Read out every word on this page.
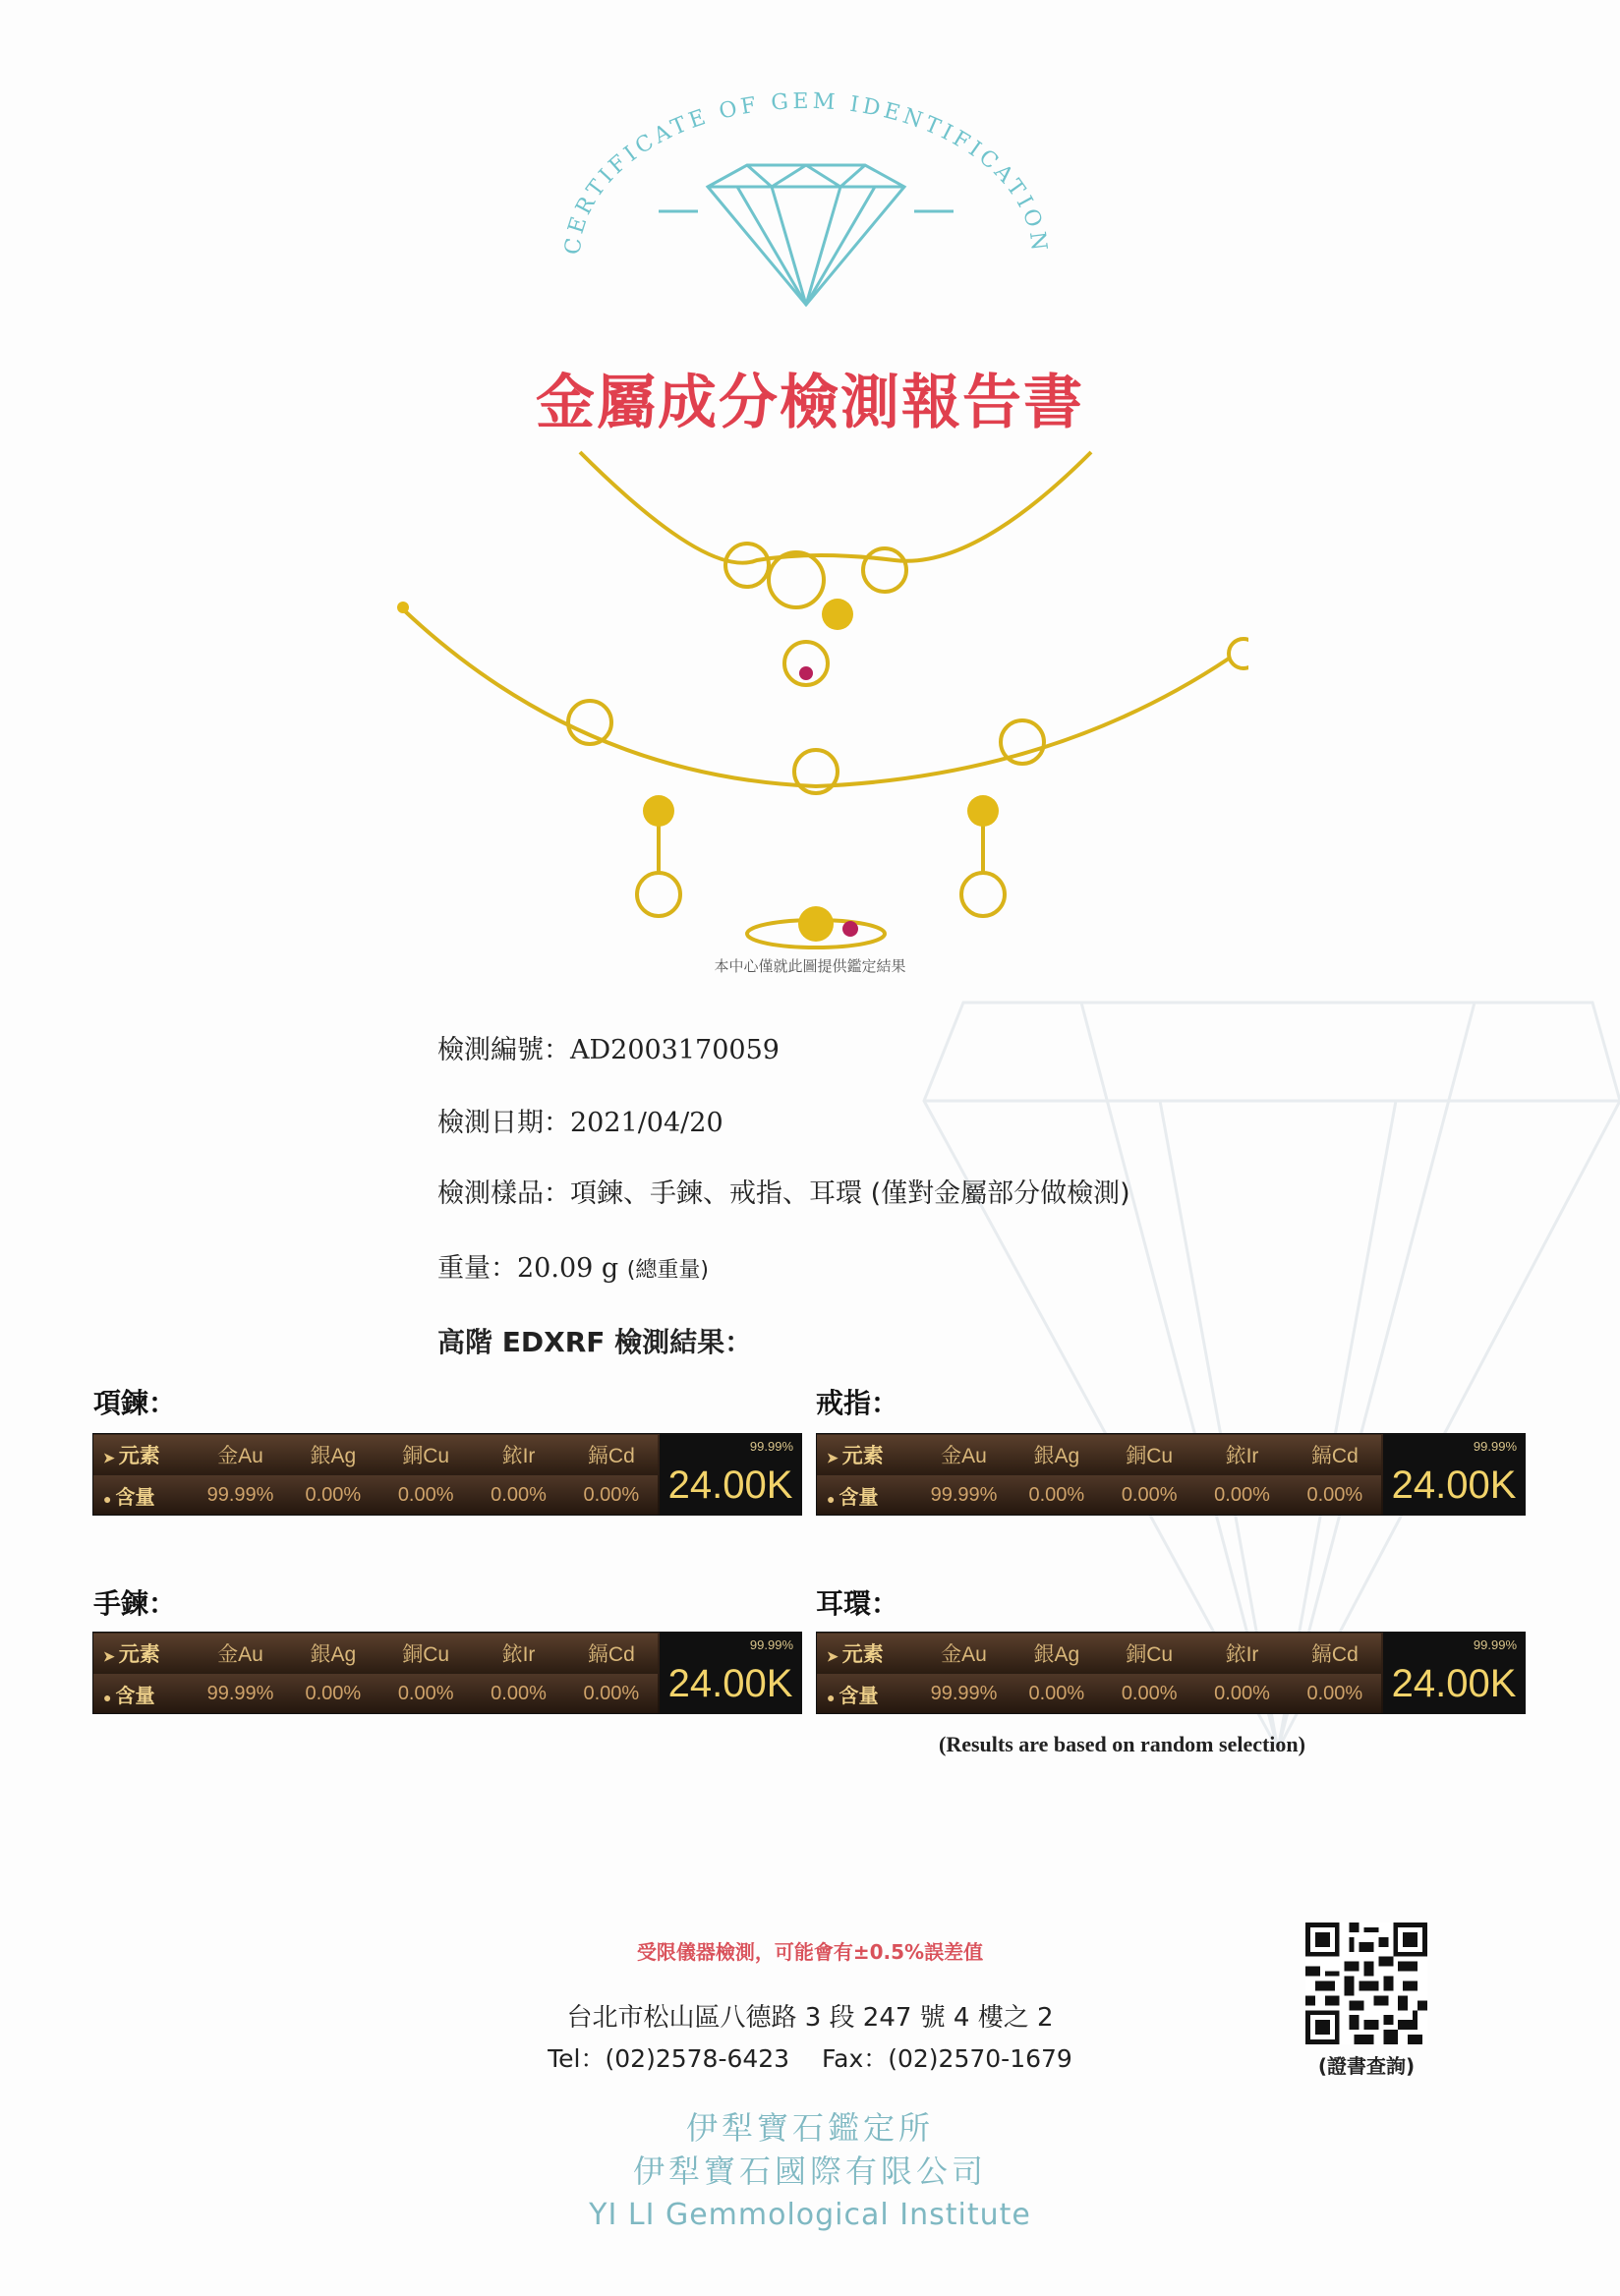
CERTIFICATE OF GEM IDENTIFICATION
金屬成分檢測報告書
本中心僅就此圖提供鑑定結果
檢測編號：AD2003170059
檢測日期：2021/04/20
檢測樣品：項鍊、手鍊、戒指、耳環 (僅對金屬部分做檢測)
重量：20.09 g (總重量)
高階 EDXRF 檢測結果：
項鍊：
➤ 元素	金Au	銀Ag	銅Cu	銥Ir	鎘Cd
● 含量	99.99%	0.00%	0.00%	0.00%	0.00%
99.99%
24.00K
戒指：
➤ 元素	金Au	銀Ag	銅Cu	銥Ir	鎘Cd
● 含量	99.99%	0.00%	0.00%	0.00%	0.00%
99.99%
24.00K
手鍊：
➤ 元素	金Au	銀Ag	銅Cu	銥Ir	鎘Cd
● 含量	99.99%	0.00%	0.00%	0.00%	0.00%
99.99%
24.00K
耳環：
➤ 元素	金Au	銀Ag	銅Cu	銥Ir	鎘Cd
● 含量	99.99%	0.00%	0.00%	0.00%	0.00%
99.99%
24.00K
(Results are based on random selection)
受限儀器檢測，可能會有±0.5%誤差值
台北市松山區八德路 3 段 247 號 4 樓之 2
Tel：(02)2578-6423　 Fax：(02)2570-1679
伊犁寶石鑑定所
伊犁寶石國際有限公司
YI LI Gemmological Institute
(證書查詢)
